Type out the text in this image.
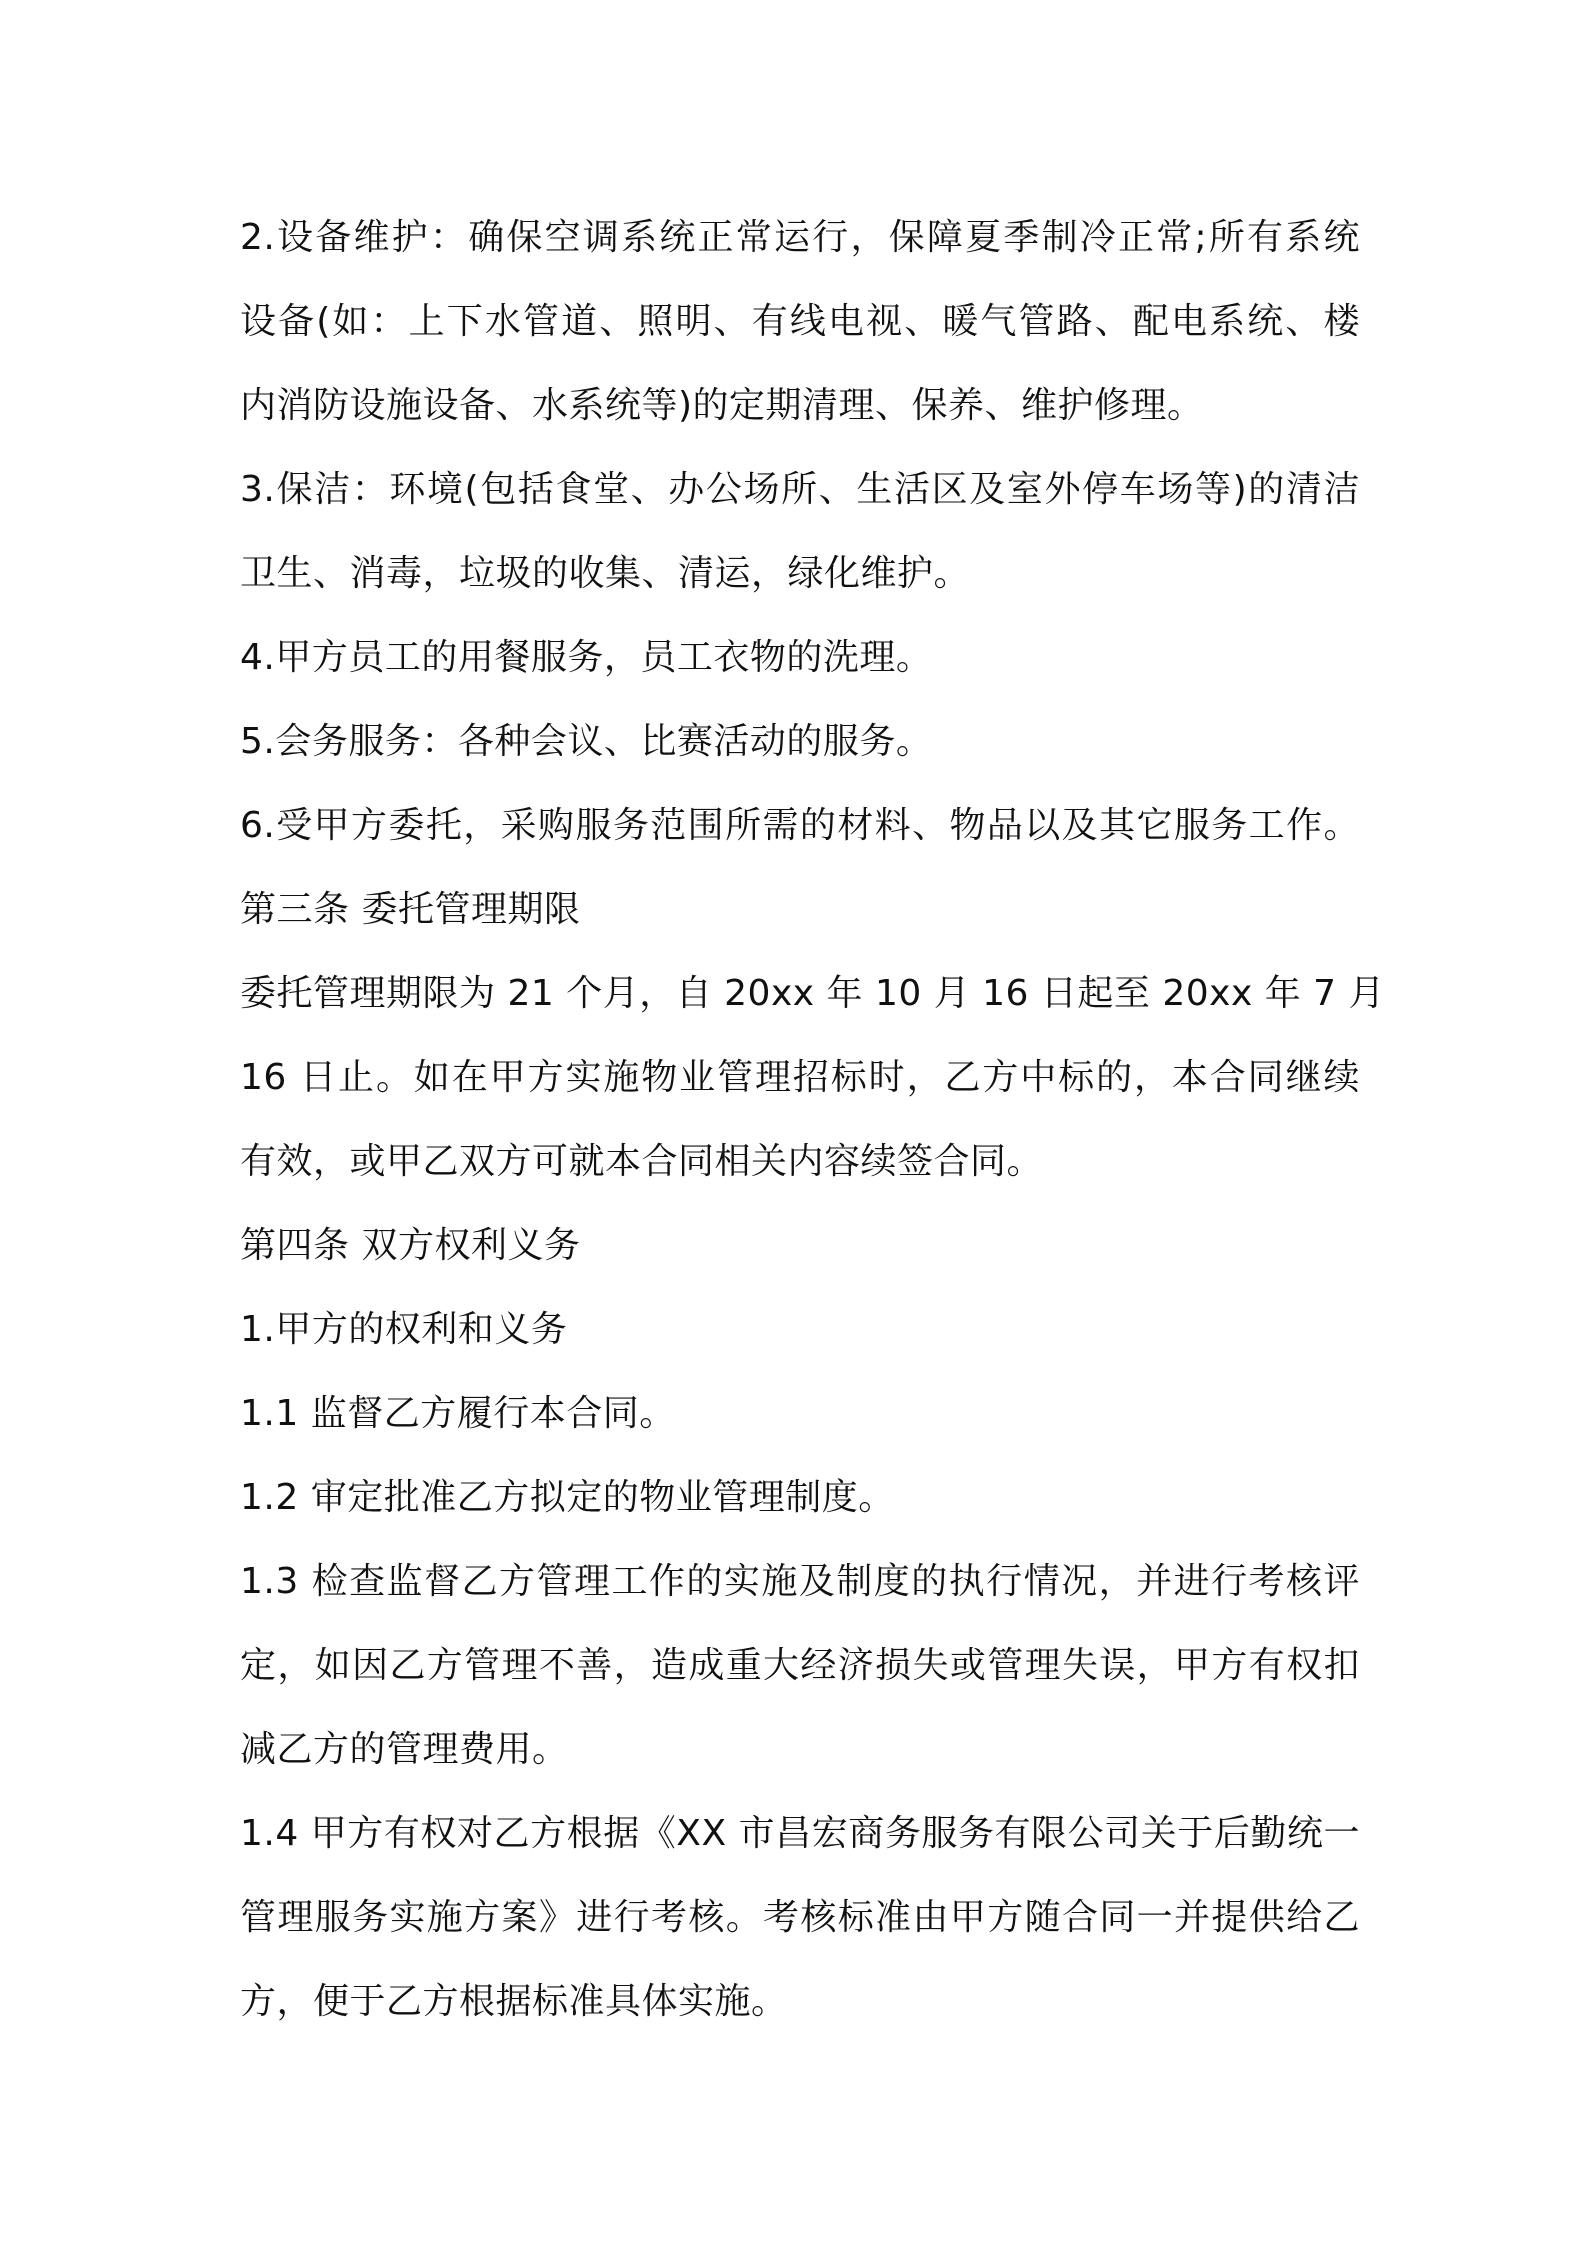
2.设备维护：确保空调系统正常运行，保障夏季制冷正常;所有系统

设备(如：上下水管道、照明、有线电视、暖气管路、配电系统、楼

内消防设施设备、水系统等)的定期清理、保养、维护修理。

3.保洁：环境(包括食堂、办公场所、生活区及室外停车场等)的清洁

卫生、消毒，垃圾的收集、清运，绿化维护。

4.甲方员工的用餐服务，员工衣物的洗理。

5.会务服务：各种会议、比赛活动的服务。

6.受甲方委托，采购服务范围所需的材料、物品以及其它服务工作。

第三条 委托管理期限

委托管理期限为 21 个月，自 20xx 年 10 月 16 日起至 20xx 年 7 月

16 日止。如在甲方实施物业管理招标时，乙方中标的，本合同继续

有效，或甲乙双方可就本合同相关内容续签合同。

第四条 双方权利义务

1.甲方的权利和义务

1.1 监督乙方履行本合同。

1.2 审定批准乙方拟定的物业管理制度。

1.3 检查监督乙方管理工作的实施及制度的执行情况，并进行考核评

定，如因乙方管理不善，造成重大经济损失或管理失误，甲方有权扣

减乙方的管理费用。

1.4 甲方有权对乙方根据《XX 市昌宏商务服务有限公司关于后勤统一

管理服务实施方案》进行考核。考核标准由甲方随合同一并提供给乙

方，便于乙方根据标准具体实施。
